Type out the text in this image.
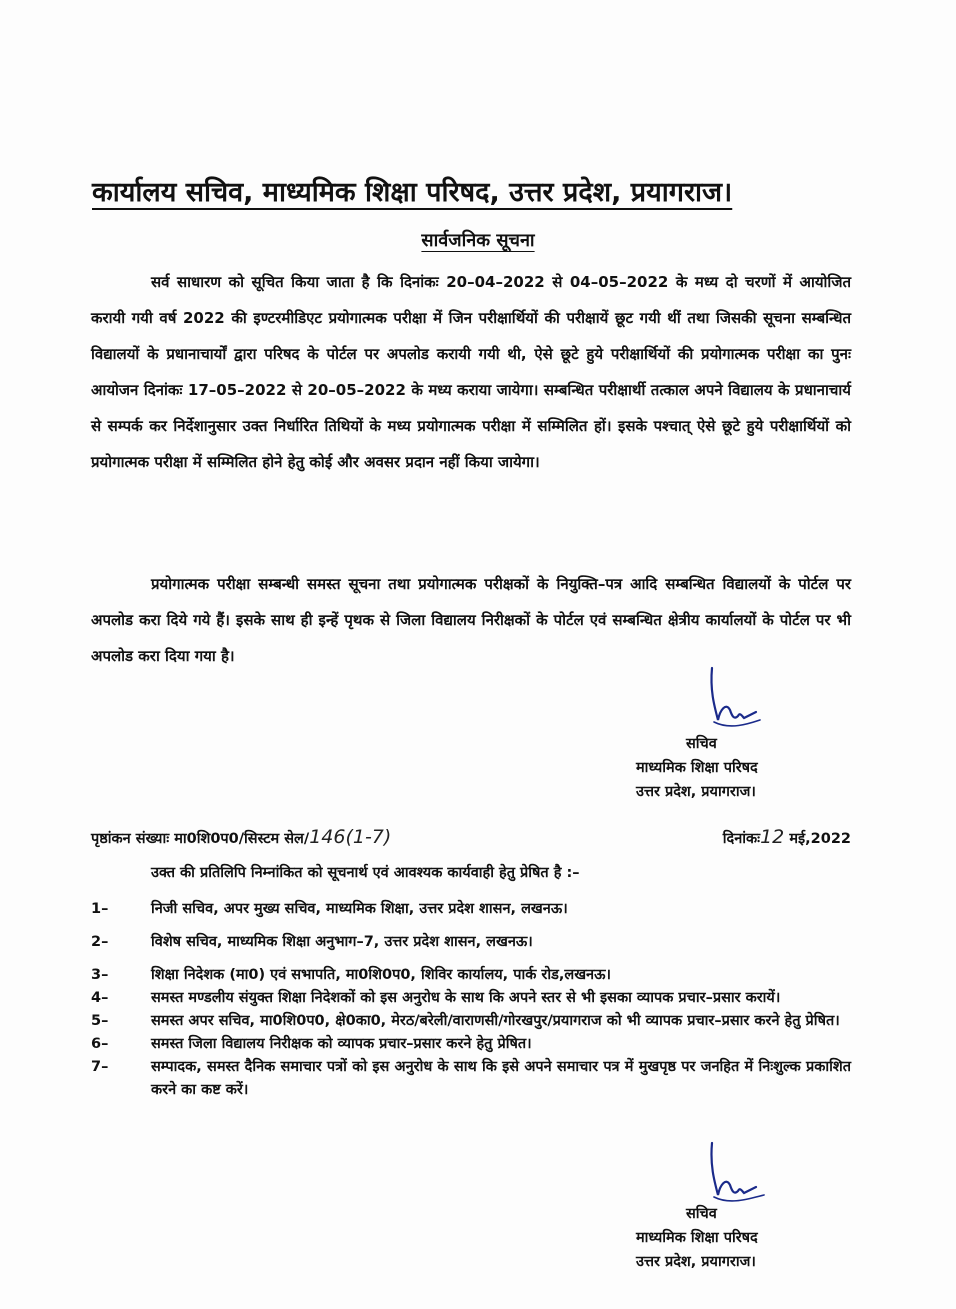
कार्यालय सचिव, माध्यमिक शिक्षा परिषद, उत्तर प्रदेश, प्रयागराज।
सार्वजनिक सूचना

सर्व साधारण को सूचित किया जाता है कि दिनांकः 20–04–2022 से 04–05–2022 के मध्य दो चरणों में आयोजित करायी गयी वर्ष 2022 की इण्टरमीडिएट प्रयोगात्मक परीक्षा में जिन परीक्षार्थियों की परीक्षायें छूट गयी थीं तथा जिसकी सूचना सम्बन्धित विद्यालयों के प्रधानाचार्यों द्वारा परिषद के पोर्टल पर अपलोड करायी गयी थी, ऐसे छूटे हुये परीक्षार्थियों की प्रयोगात्मक परीक्षा का पुनः आयोजन दिनांकः 17–05–2022 से 20–05–2022 के मध्य कराया जायेगा। सम्बन्धित परीक्षार्थी तत्काल अपने विद्यालय के प्रधानाचार्य से सम्पर्क कर निर्देशानुसार उक्त निर्धारित तिथियों के मध्य प्रयोगात्मक परीक्षा में सम्मिलित हों। इसके पश्चात् ऐसे छूटे हुये परीक्षार्थियों को प्रयोगात्मक परीक्षा में सम्मिलित होने हेतु कोई और अवसर प्रदान नहीं किया जायेगा।

प्रयोगात्मक परीक्षा सम्बन्धी समस्त सूचना तथा प्रयोगात्मक परीक्षकों के नियुक्ति–पत्र आदि सम्बन्धित विद्यालयों के पोर्टल पर अपलोड करा दिये गये हैं। इसके साथ ही इन्हें पृथक से जिला विद्यालय निरीक्षकों के पोर्टल एवं सम्बन्धित क्षेत्रीय कार्यालयों के पोर्टल पर भी अपलोड करा दिया गया है।

सचिव
माध्यमिक शिक्षा परिषद
उत्तर प्रदेश, प्रयागराज।
पृष्ठांकन संख्याः मा0शि0प0/सिस्टम सेल/146(1-7)	दिनांकः12 मई,2022
उक्त की प्रतिलिपि निम्नांकित को सूचनार्थ एवं आवश्यक कार्यवाही हेतु प्रेषित है :–
1–	निजी सचिव, अपर मुख्य सचिव, माध्यमिक शिक्षा, उत्तर प्रदेश शासन, लखनऊ।
2–	विशेष सचिव, माध्यमिक शिक्षा अनुभाग–7, उत्तर प्रदेश शासन, लखनऊ।
3–	शिक्षा निदेशक (मा0) एवं सभापति, मा0शि0प0, शिविर कार्यालय, पार्क रोड,लखनऊ।
4–	समस्त मण्डलीय संयुक्त शिक्षा निदेशकों को इस अनुरोध के साथ कि अपने स्तर से भी इसका व्यापक प्रचार–प्रसार करायें।
5–	समस्त अपर सचिव, मा0शि0प0, क्षे0का0, मेरठ/बरेली/वाराणसी/गोरखपुर/प्रयागराज को भी व्यापक प्रचार–प्रसार करने हेतु प्रेषित।
6–	समस्त जिला विद्यालय निरीक्षक को व्यापक प्रचार–प्रसार करने हेतु प्रेषित।
7–	सम्पादक, समस्त दैनिक समाचार पत्रों को इस अनुरोध के साथ कि इसे अपने समाचार पत्र में मुखपृष्ठ पर जनहित में निःशुल्क प्रकाशित करने का कष्ट करें।
सचिव
माध्यमिक शिक्षा परिषद
उत्तर प्रदेश, प्रयागराज।
